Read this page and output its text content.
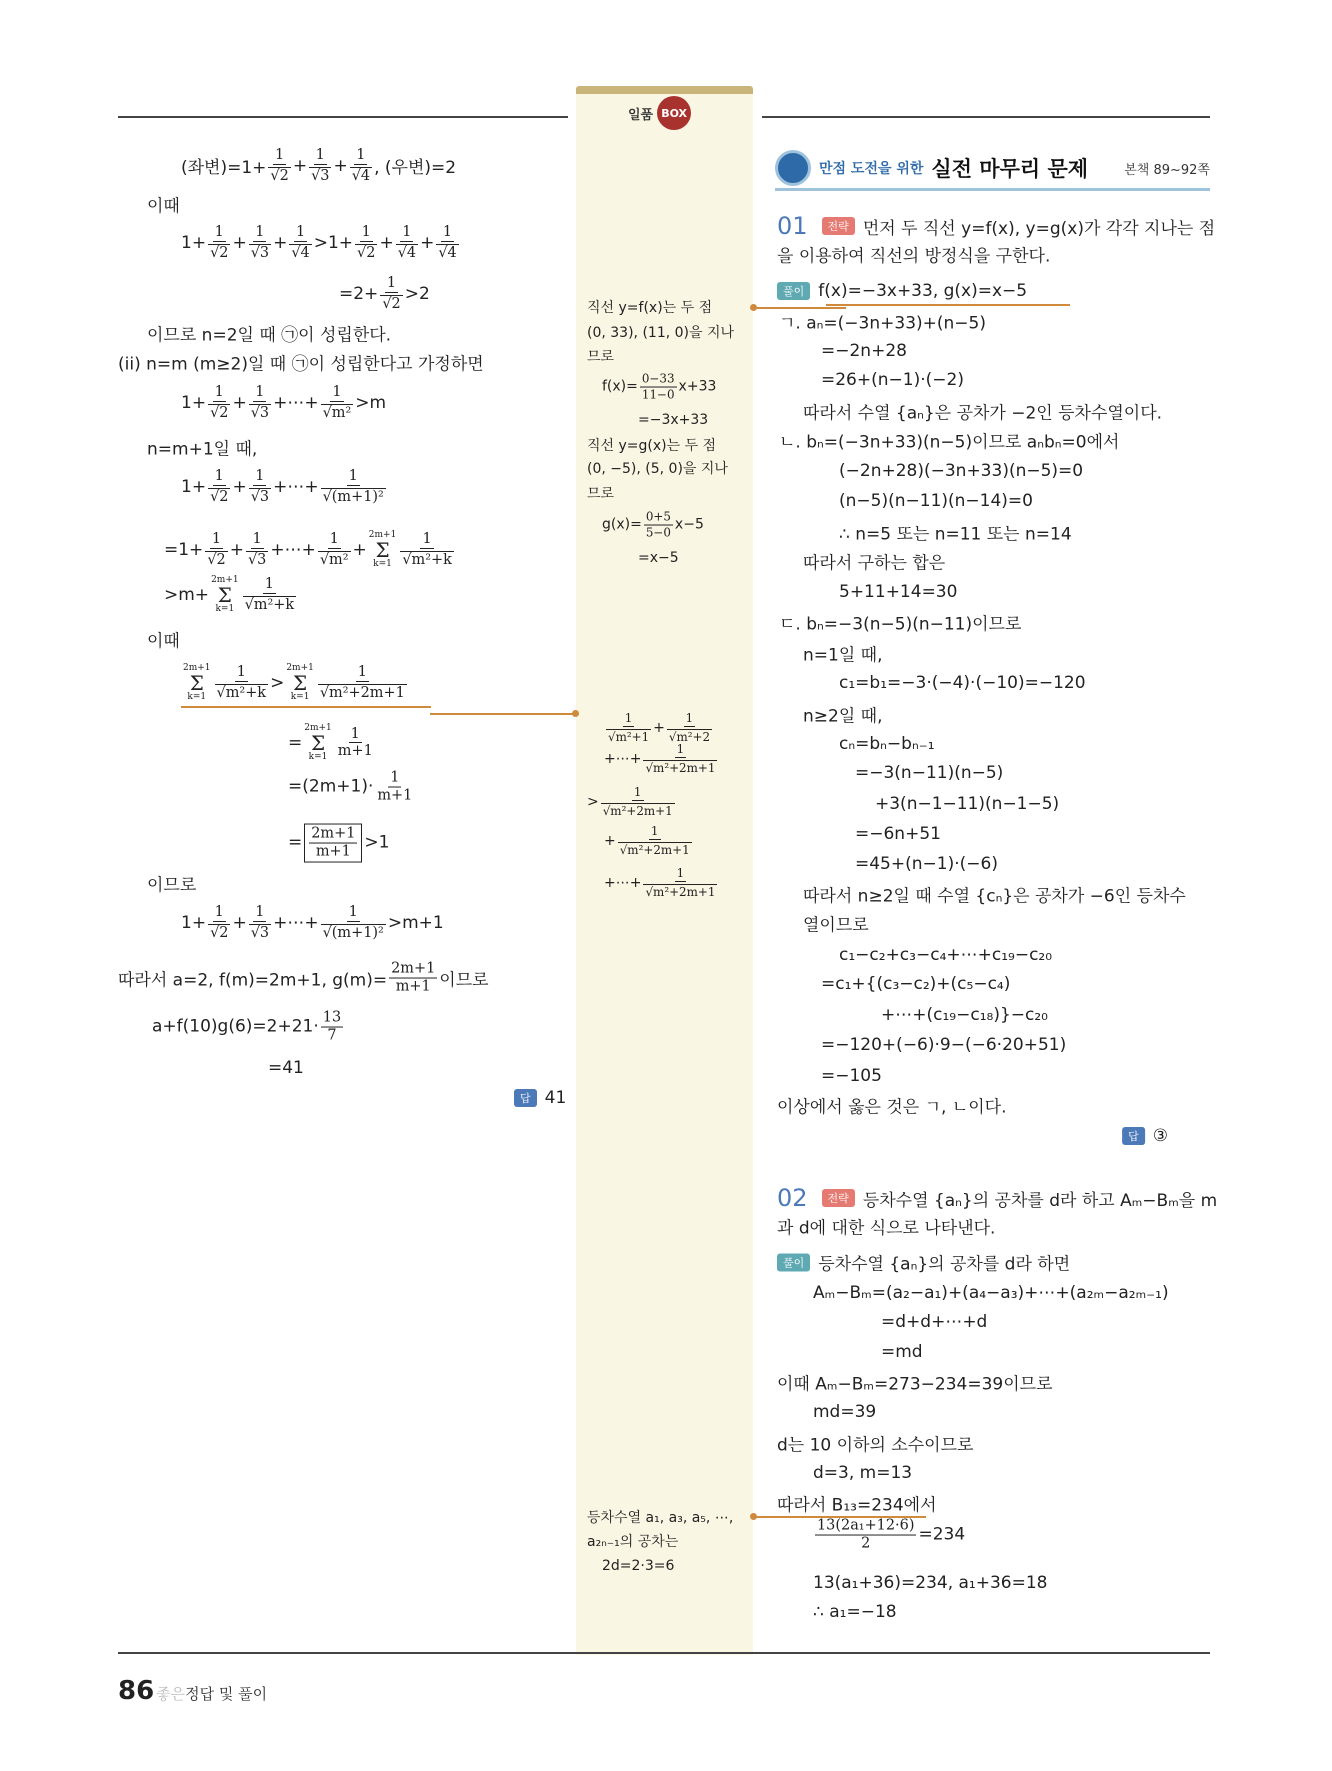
일품 BOX
만점 도전을 위한 실전 마무리 문제	본책 89~92쪽
(좌변)$=1+ \frac{1}{√2} + \frac{1}{√3} + \frac{1}{√4}$ , (우변)=2
이때
$1+ \frac{1}{√2} + \frac{1}{√3} + \frac{1}{√4} >1+ \frac{1}{√2} + \frac{1}{√4} + \frac{1}{√4}$
$=2+ \frac{1}{√2} >2$
이므로 n=2일 때 ㉠이 성립한다.
(ii) n=m (m≥2)일 때 ㉠이 성립한다고 가정하면
$1+ \frac{1}{√2} + \frac{1}{√3}$ +⋯+ $\frac{1}{\text{√m²}} >m$
n=m+1일 때,
$1+ \frac{1}{√2} + \frac{1}{√3}$ +⋯+ $\frac{1}{\text{√(m+1)²}}$
$=1+ \frac{1}{√2} + \frac{1}{√3}$ +⋯+ $\frac{1}{\text{√m²}}$ +
2m+1
Σ
$k=1 \frac{1}{\text{√m²+k}}$
>m+
2m+1
Σ
$k=1 \frac{1}{\text{√m²+k}}$
이때
2m+1
Σ
$k=1 \frac{1}{\text{√m²+k}}$ >
2m+1
Σ
$k=1 \frac{1}{\text{√m²+2m+1}}$
=
2m+1
Σ
$k=1 \frac{1}{m+1}$
$=(2m+1)\cdot \frac{1}{m+1}$
= $\frac{2m+1}{m+1} >1$
이므로
$1+ \frac{1}{√2} + \frac{1}{√3}$ +⋯+ $\frac{1}{\text{√(m+1)²}} >m+1$
따라서 a=2, f(m)=2m+1, $g(m)= \frac{2m+1}{m+1}$ 이므로
$a+f(10)g(6)=2+21\cdot \frac{13}{7}$
=41
답 41
직선 y=f(x)는 두 점
(0, 33), (11, 0)을 지나
므로
$f(x)= \frac{0-33}{11-0} x+33$
=−3x+33
직선 y=g(x)는 두 점
(0, −5), (5, 0)을 지나
므로
$g(x)= \frac{0+5}{5-0} x-5$
=x−5
$\frac{1}{\text{√m²+1}} + \frac{1}{\text{√m²+2}}$
+⋯+ $\frac{1}{\text{√m²+2m+1}}$
> $\frac{1}{\text{√m²+2m+1}}$
+ $\frac{1}{\text{√m²+2m+1}}$
+⋯+ $\frac{1}{\text{√m²+2m+1}}$
등차수열 a₁, a₃, a₅, ⋯,
a₂ₙ₋₁의 공차는
2d=2·3=6
01	전략 먼저 두 직선 y=f(x), y=g(x)가 각각 지나는 점
을 이용하여 직선의 방정식을 구한다.
풀이 f(x)=−3x+33, g(x)=x−5
ㄱ. aₙ=(−3n+33)+(n−5)
=−2n+28
=26+(n−1)·(−2)
따라서 수열 {aₙ}은 공차가 −2인 등차수열이다.
ㄴ. bₙ=(−3n+33)(n−5)이므로 aₙbₙ=0에서
(−2n+28)(−3n+33)(n−5)=0
(n−5)(n−11)(n−14)=0
∴ n=5 또는 n=11 또는 n=14
따라서 구하는 합은
5+11+14=30
ㄷ. bₙ=−3(n−5)(n−11)이므로
n=1일 때,
c₁=b₁=−3·(−4)·(−10)=−120
n≥2일 때,
cₙ=bₙ−bₙ₋₁
=−3(n−11)(n−5)
+3(n−1−11)(n−1−5)
=−6n+51
=45+(n−1)·(−6)
따라서 n≥2일 때 수열 {cₙ}은 공차가 −6인 등차수
열이므로
c₁−c₂+c₃−c₄+⋯+c₁₉−c₂₀
=c₁+{(c₃−c₂)+(c₅−c₄)
+⋯+(c₁₉−c₁₈)}−c₂₀
=−120+(−6)·9−(−6·20+51)
=−105
이상에서 옳은 것은 ㄱ, ㄴ이다.
답 ③
02	전략 등차수열 {aₙ}의 공차를 d라 하고 Aₘ−Bₘ을 m
과 d에 대한 식으로 나타낸다.
풀이 등차수열 {aₙ}의 공차를 d라 하면
Aₘ−Bₘ=(a₂−a₁)+(a₄−a₃)+⋯+(a₂ₘ−a₂ₘ₋₁)
=d+d+⋯+d
=md
이때 Aₘ−Bₘ=273−234=39이므로
md=39
d는 10 이하의 소수이므로
d=3, m=13
따라서 B₁₃=234에서
$\frac{\text{13(2a₁+12·6)}}{2} =234$
13(a₁+36)=234, a₁+36=18
∴ a₁=−18
86 좋은 정답 및 풀이
